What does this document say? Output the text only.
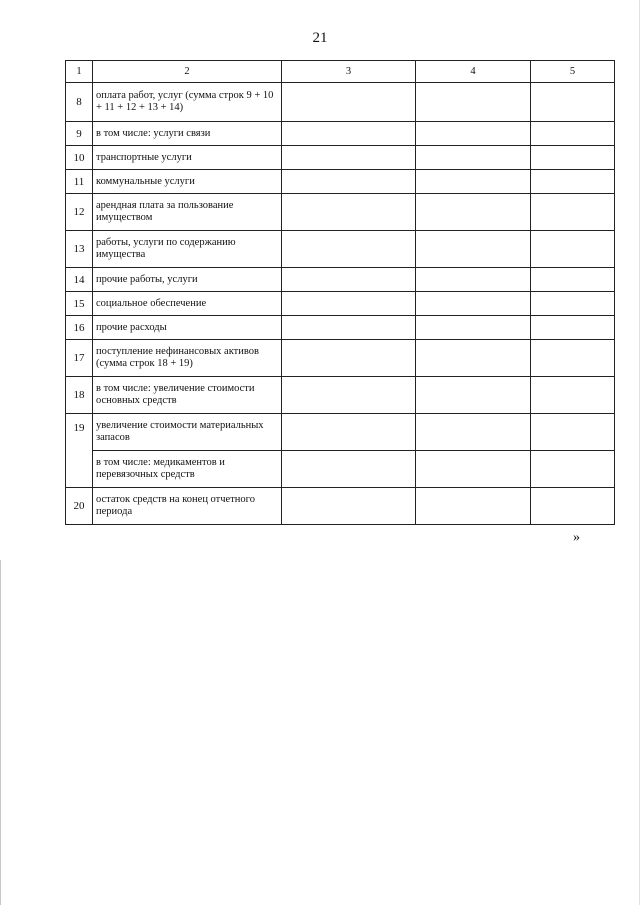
21
1	2	3	4	5
8	оплата работ, услуг (сумма строк 9 + 10 + 11 + 12 + 13 + 14)			
9	в том числе: услуги связи			
10	транспортные услуги			
11	коммунальные услуги			
12	арендная плата за пользование имуществом			
13	работы, услуги по содержанию имущества			
14	прочие работы, услуги			
15	социальное обеспечение			
16	прочие расходы			
17	поступление нефинансовых активов (сумма строк 18 + 19)			
18	в том числе: увеличение стоимости основных средств			
19	увеличение стоимости материальных запасов			
	в том числе: медикаментов и перевязочных средств			
20	остаток средств на конец отчетного периода			
»
